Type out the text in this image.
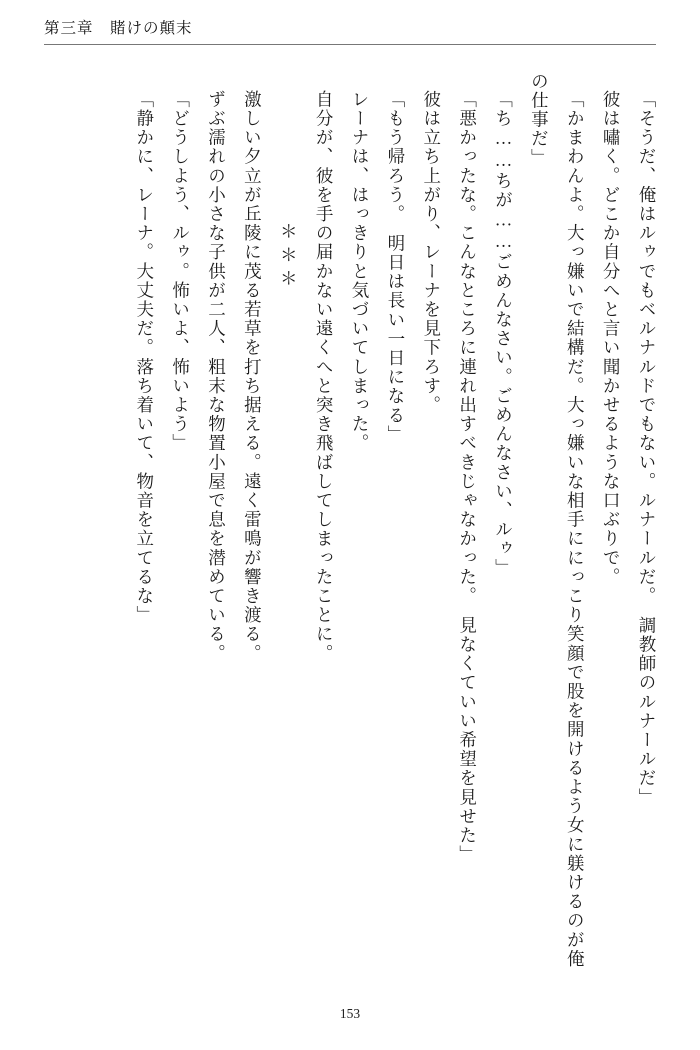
第三章　賭けの顛末

「そうだ、俺はルゥでもベルナルドでもない。ルナールだ。　調教師のルナールだ」

彼は嘯く。どこか自分へと言い聞かせるような口ぶりで。

「かまわんよ。大っ嫌いで結構だ。大っ嫌いな相手ににっこり笑顔で股を開けるよう女に躾けるのが俺の仕事だ」

「ち……ちが……ごめんなさい。ごめんなさい、ルゥ」

「悪かったな。こんなところに連れ出すべきじゃなかった。　見なくていい希望を見せた」

彼は立ち上がり、レーナを見下ろす。

「もう帰ろう。　明日は長い一日になる」

レーナは、はっきりと気づいてしまった。

自分が、彼を手の届かない遠くへと突き飛ばしてしまったことに。

＊＊＊

激しい夕立が丘陵に茂る若草を打ち据える。遠く雷鳴が響き渡る。

ずぶ濡れの小さな子供が二人、粗末な物置小屋で息を潜めている。

「どうしよう、ルゥ。怖いよ、怖いよう」

「静かに、レーナ。大丈夫だ。落ち着いて、物音を立てるな」

153
